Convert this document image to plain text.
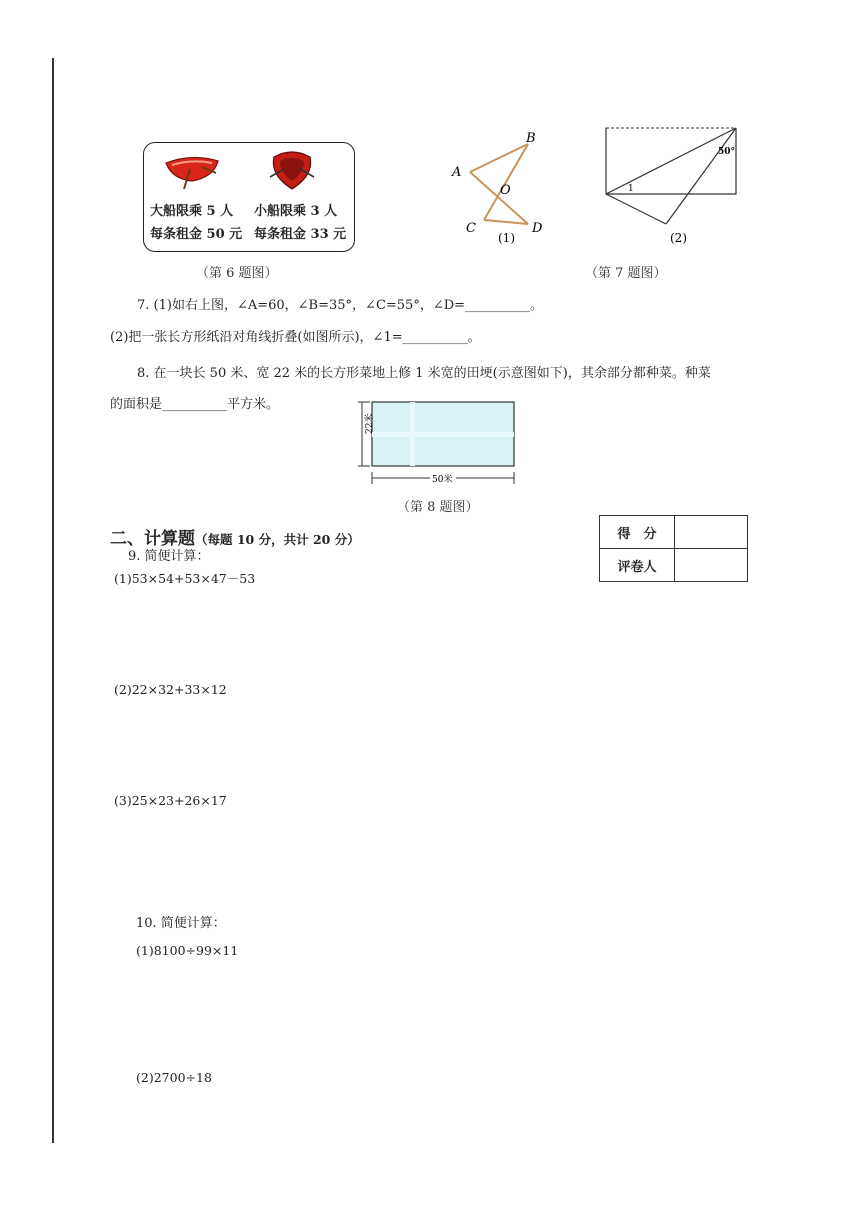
大船限乘 5 人
每条租金 50 元
小船限乘 3 人
每条租金 33 元
（第 6 题图）
A
B
O
C	D
(1)
50°
1
(2)
（第 7 题图）
7. (1)如右上图，∠A=60，∠B=35°，∠C=55°，∠D=__________。
(2)把一张长方形纸沿对角线折叠(如图所示)，∠1=__________。
8. 在一块长 50 米、宽 22 米的长方形菜地上修 1 米宽的田埂(示意图如下)，其余部分都种菜。种菜
的面积是__________平方米。
22米
50米
（第 8 题图）
二、计算题（每题 10 分，共计 20 分）	得　分	
评卷人	
9. 简便计算：
(1)53×54+53×47－53
(2)22×32+33×12
(3)25×23+26×17
10. 简便计算：
(1)8100÷99×11
(2)2700÷18
